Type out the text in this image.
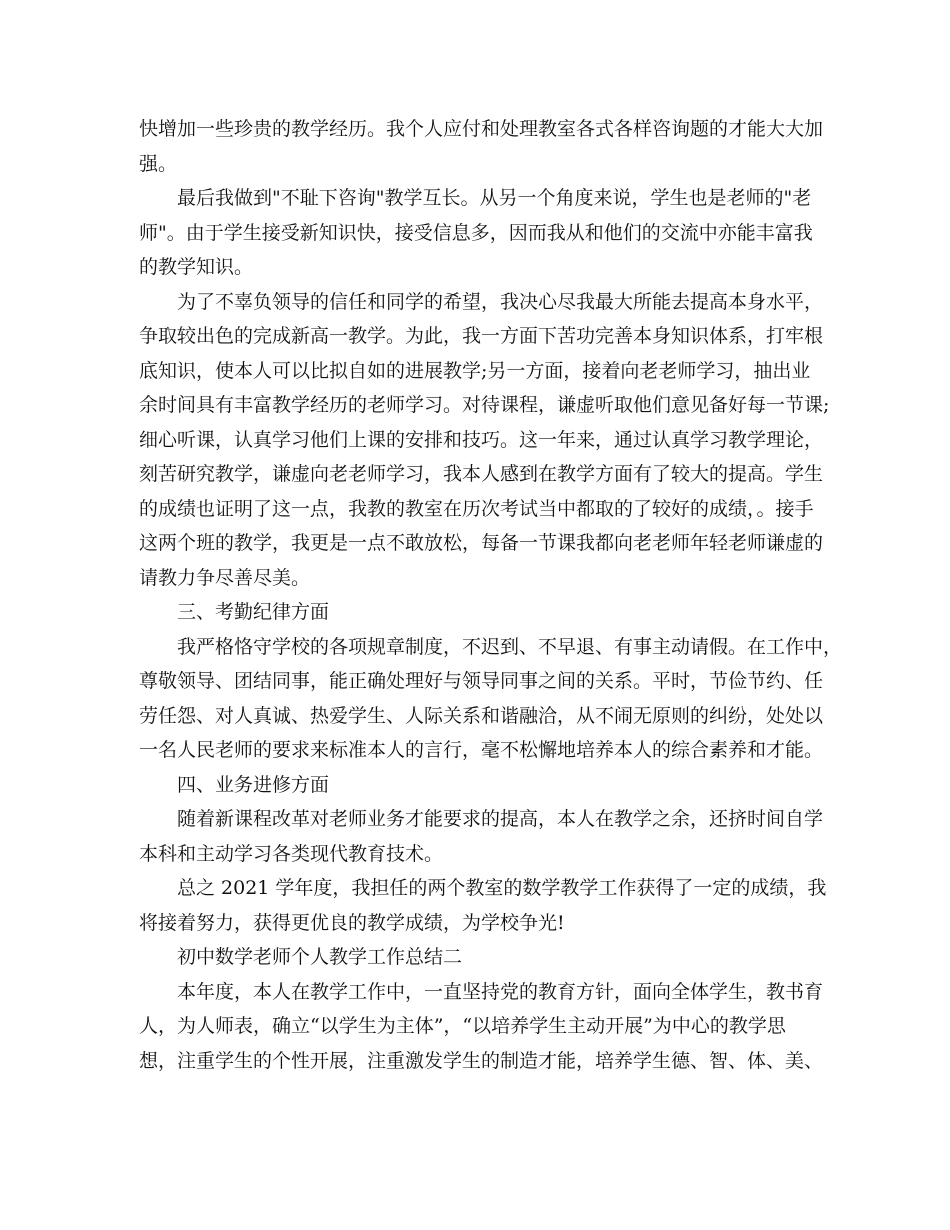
快增加一些珍贵的教学经历。我个人应付和处理教室各式各样咨询题的才能大大加
强。
最后我做到"不耻下咨询"教学互长。从另一个角度来说，学生也是老师的"老
师"。由于学生接受新知识快，接受信息多，因而我从和他们的交流中亦能丰富我
的教学知识。
为了不辜负领导的信任和同学的希望，我决心尽我最大所能去提高本身水平，
争取较出色的完成新高一教学。为此，我一方面下苦功完善本身知识体系，打牢根
底知识，使本人可以比拟自如的进展教学;另一方面，接着向老老师学习，抽出业
余时间具有丰富教学经历的老师学习。对待课程，谦虚听取他们意见备好每一节课;
细心听课，认真学习他们上课的安排和技巧。这一年来，通过认真学习教学理论，
刻苦研究教学，谦虚向老老师学习，我本人感到在教学方面有了较大的提高。学生
的成绩也证明了这一点，我教的教室在历次考试当中都取的了较好的成绩，。接手
这两个班的教学，我更是一点不敢放松，每备一节课我都向老老师年轻老师谦虚的
请教力争尽善尽美。
三、考勤纪律方面
我严格恪守学校的各项规章制度，不迟到、不早退、有事主动请假。在工作中，
尊敬领导、团结同事，能正确处理好与领导同事之间的关系。平时，节俭节约、任
劳任怨、对人真诚、热爱学生、人际关系和谐融洽，从不闹无原则的纠纷，处处以
一名人民老师的要求来标准本人的言行，毫不松懈地培养本人的综合素养和才能。
四、业务进修方面
随着新课程改革对老师业务才能要求的提高，本人在教学之余，还挤时间自学
本科和主动学习各类现代教育技术。
总之 2021 学年度，我担任的两个教室的数学教学工作获得了一定的成绩，我
将接着努力，获得更优良的教学成绩，为学校争光!
初中数学老师个人教学工作总结二
本年度，本人在教学工作中，一直坚持党的教育方针，面向全体学生，教书育
人，为人师表，确立“以学生为主体”，“以培养学生主动开展”为中心的教学思
想，注重学生的个性开展，注重激发学生的制造才能，培养学生德、智、体、美、
